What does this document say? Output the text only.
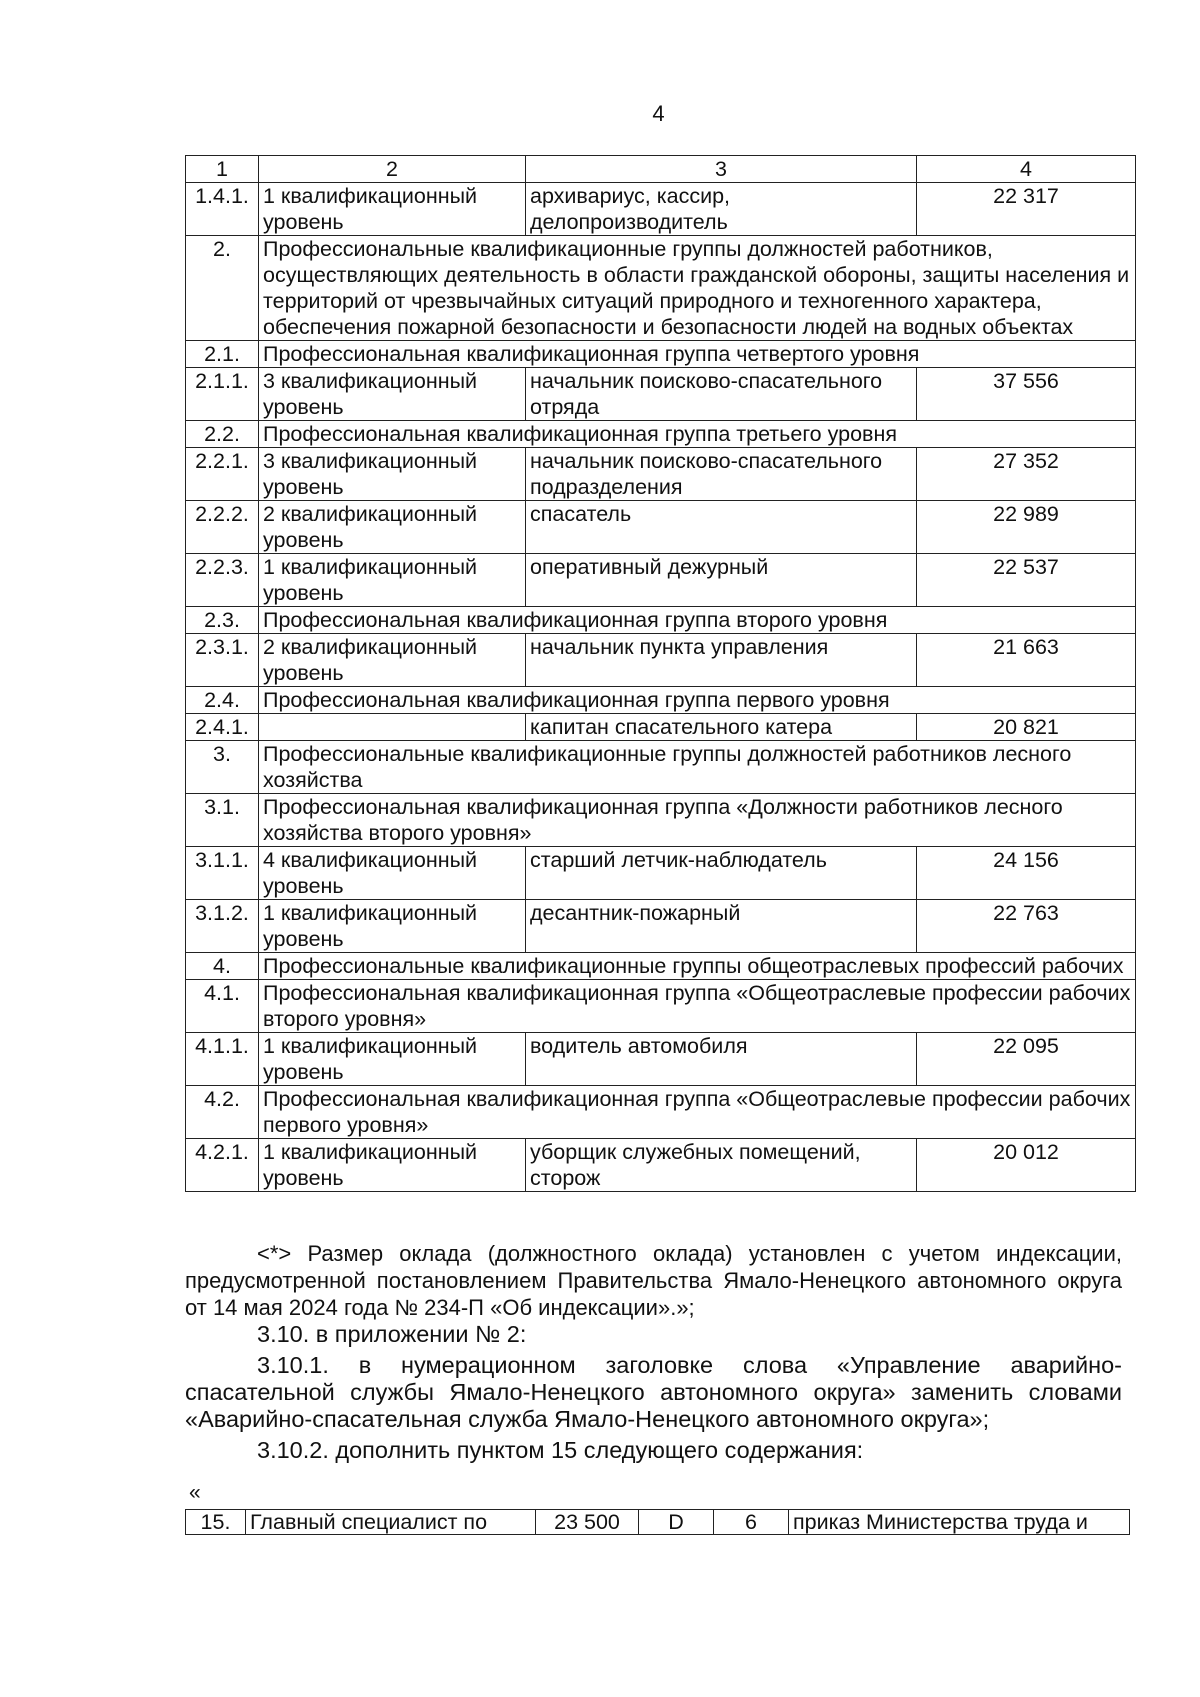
4
1	2	3	4
1.4.1.	1 квалификационный уровень	архивариус, кассир, делопроизводитель	22 317
2.	Профессиональные квалификационные группы должностей работников, осуществляющих деятельность в области гражданской обороны, защиты населения и территорий от чрезвычайных ситуаций природного и техногенного характера, обеспечения пожарной безопасности и безопасности людей на водных объектах		
2.1.	Профессиональная квалификационная группа четвертого уровня		
2.1.1.	3 квалификационный уровень	начальник поисково-спасательного отряда	37 556
2.2.	Профессиональная квалификационная группа третьего уровня		
2.2.1.	3 квалификационный уровень	начальник поисково-спасательного подразделения	27 352
2.2.2.	2 квалификационный уровень	спасатель	22 989
2.2.3.	1 квалификационный уровень	оперативный дежурный	22 537
2.3.	Профессиональная квалификационная группа второго уровня		
2.3.1.	2 квалификационный уровень	начальник пункта управления	21 663
2.4.	Профессиональная квалификационная группа первого уровня		
2.4.1.		капитан спасательного катера	20 821
3.	Профессиональные квалификационные группы должностей работников лесного хозяйства		
3.1.	Профессиональная квалификационная группа «Должности работников лесного хозяйства второго уровня»		
3.1.1.	4 квалификационный уровень	старший летчик-наблюдатель	24 156
3.1.2.	1 квалификационный уровень	десантник-пожарный	22 763
4.	Профессиональные квалификационные группы общеотраслевых профессий рабочих		
4.1.	Профессиональная квалификационная группа «Общеотраслевые профессии рабочих второго уровня»		
4.1.1.	1 квалификационный уровень	водитель автомобиля	22 095
4.2.	Профессиональная квалификационная группа «Общеотраслевые профессии рабочих первого уровня»		
4.2.1.	1 квалификационный уровень	уборщик служебных помещений, сторож	20 012

<*> Размер оклада (должностного оклада) установлен с учетом индексации, предусмотренной постановлением Правительства Ямало-Ненецкого автономного округа от 14 мая 2024 года № 234-П «Об индексации».»;

3.10. в приложении № 2:

3.10.1. в нумерационном заголовке слова «Управление аварийно-спасательной службы Ямало-Ненецкого автономного округа» заменить словами «Аварийно-спасательная служба Ямало-Ненецкого автономного округа»;

3.10.2. дополнить пунктом 15 следующего содержания:

«
15.	Главный специалист по	23 500	D	6	приказ Министерства труда и
